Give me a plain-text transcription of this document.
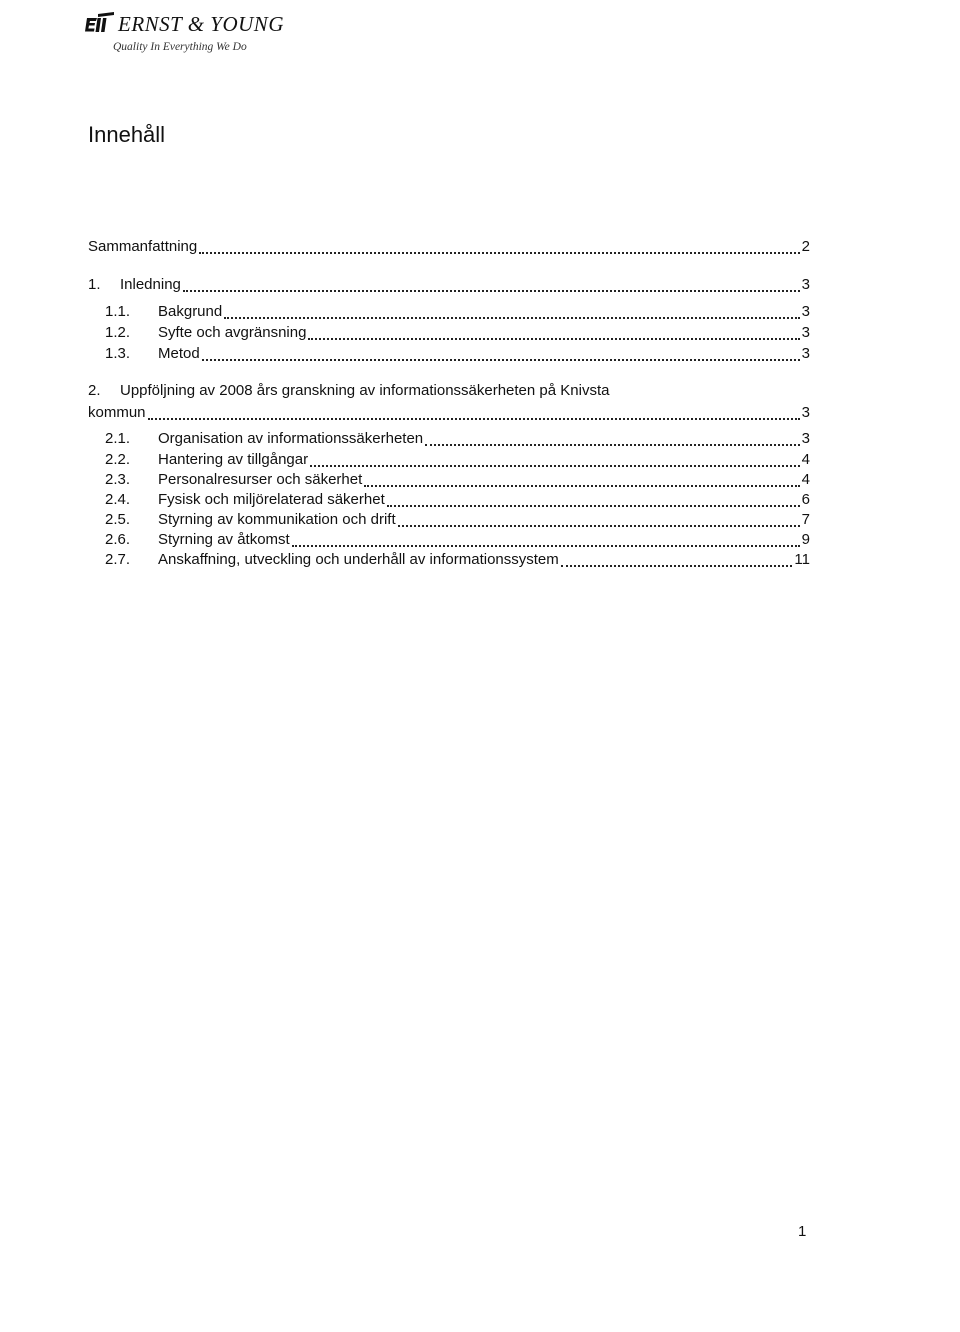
ERNST & YOUNG
Quality In Everything We Do
Innehåll
Sammanfattning	2
1.	Inledning	3
1.1.	Bakgrund	3
1.2.	Syfte och avgränsning	3
1.3.	Metod	3
2. Uppföljning av 2008 års granskning av informationssäkerheten på Knivsta
kommun	3
2.1.	Organisation av informationssäkerheten	3
2.2.	Hantering av tillgångar	4
2.3.	Personalresurser och säkerhet	4
2.4.	Fysisk och miljörelaterad säkerhet	6
2.5.	Styrning av kommunikation och drift	7
2.6.	Styrning av åtkomst	9
2.7.	Anskaffning, utveckling och underhåll av informationssystem	11
1
